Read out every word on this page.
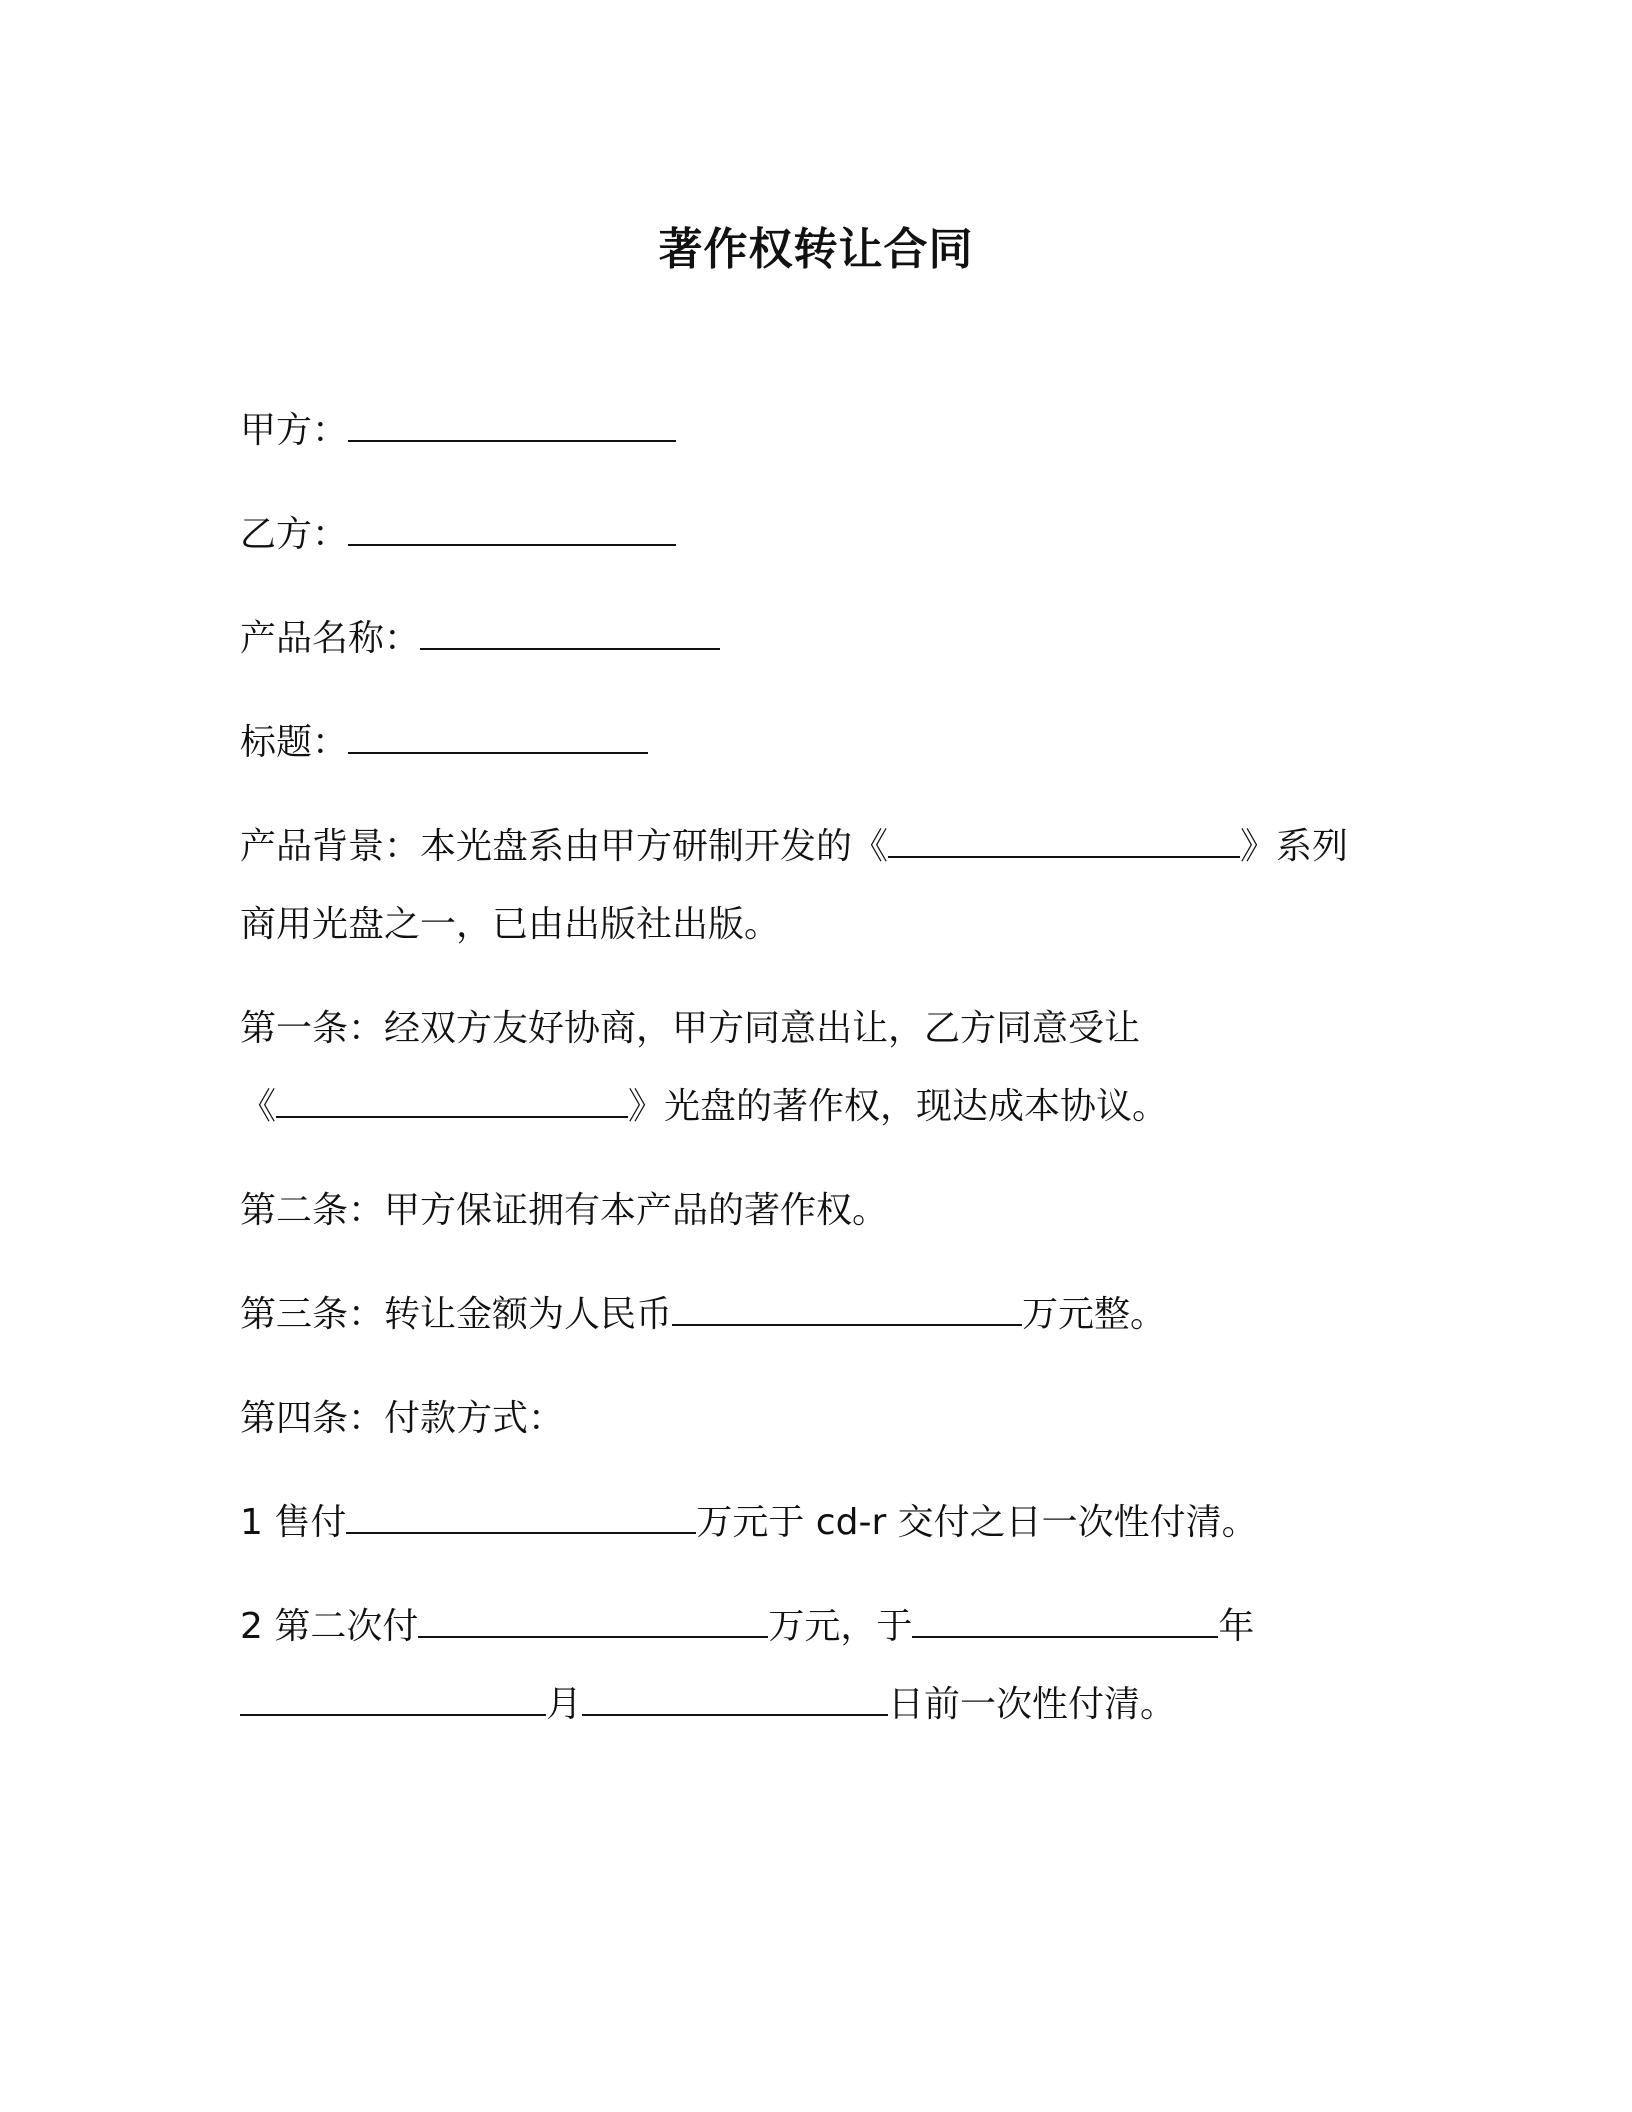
著作权转让合同
甲方：
乙方：
产品名称：
标题：
产品背景：本光盘系由甲方研制开发的《	》系列
商用光盘之一，已由出版社出版。
第一条：经双方友好协商，甲方同意出让，乙方同意受让
《	》光盘的著作权，现达成本协议。
第二条：甲方保证拥有本产品的著作权。
第三条：转让金额为人民币	万元整。
第四条：付款方式：
1 售付	万元于 cd-r 交付之日一次性付清。
2 第二次付	万元，于	年
月	日前一次性付清。
